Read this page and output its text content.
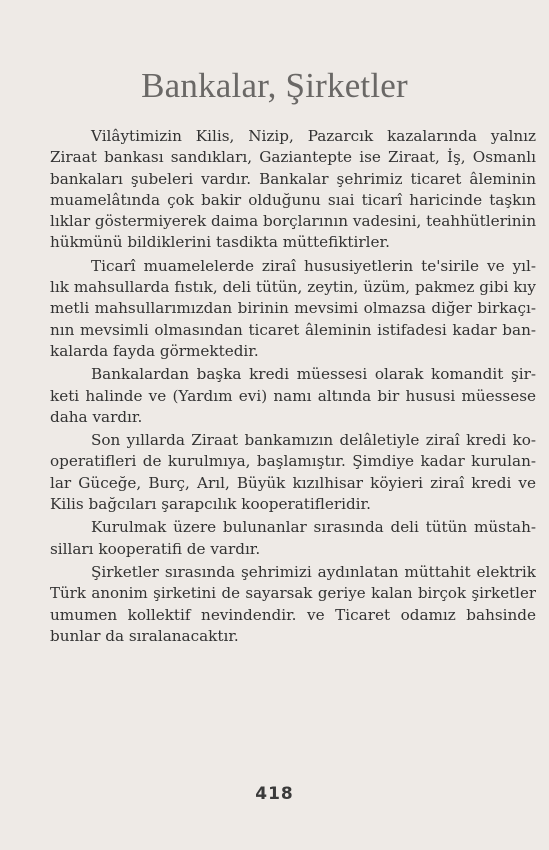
Bankalar, Şirketler
Vilâytimizin Kilis, Nizip, Pazarcık kazalarında yalnız
Ziraat bankası sandıkları, Gaziantepte ise Ziraat, İş, Osmanlı
bankaları şubeleri vardır. Bankalar şehrimiz ticaret âleminin
muamelâtında çok bakir olduğunu sıai ticarî haricinde taşkın
lıklar göstermiyerek daima borçlarının vadesini, teahhütlerinin
hükmünü bildiklerini tasdikta müttefiktirler.
Ticarî muamelelerde ziraî hususiyetlerin te'sirile ve yıl-
lık mahsullarda fıstık, deli tütün, zeytin, üzüm, pakmez gibi kıy
metli mahsullarımızdan birinin mevsimi olmazsa diğer birkaçı-
nın mevsimli olmasından ticaret âleminin istifadesi kadar ban-
kalarda fayda görmektedir.
Bankalardan başka kredi müessesi olarak komandit şir-
keti halinde ve (Yardım evi) namı altında bir hususi müessese
daha vardır.
Son yıllarda Ziraat bankamızın delâletiyle ziraî kredi ko-
operatifleri de kurulmıya, başlamıştır. Şimdiye kadar kurulan-
lar Güceğe, Burç, Arıl, Büyük kızılhisar köyieri ziraî kredi ve
Kilis bağcıları şarapcılık kooperatifleridir.
Kurulmak üzere bulunanlar sırasında deli tütün müstah-
silları kooperatifi de vardır.
Şirketler sırasında şehrimizi aydınlatan müttahit elektrik
Türk anonim şirketini de sayarsak geriye kalan birçok şirketler
umumen kollektif nevindendir. ve Ticaret odamız bahsinde
bunlar da sıralanacaktır.
418
